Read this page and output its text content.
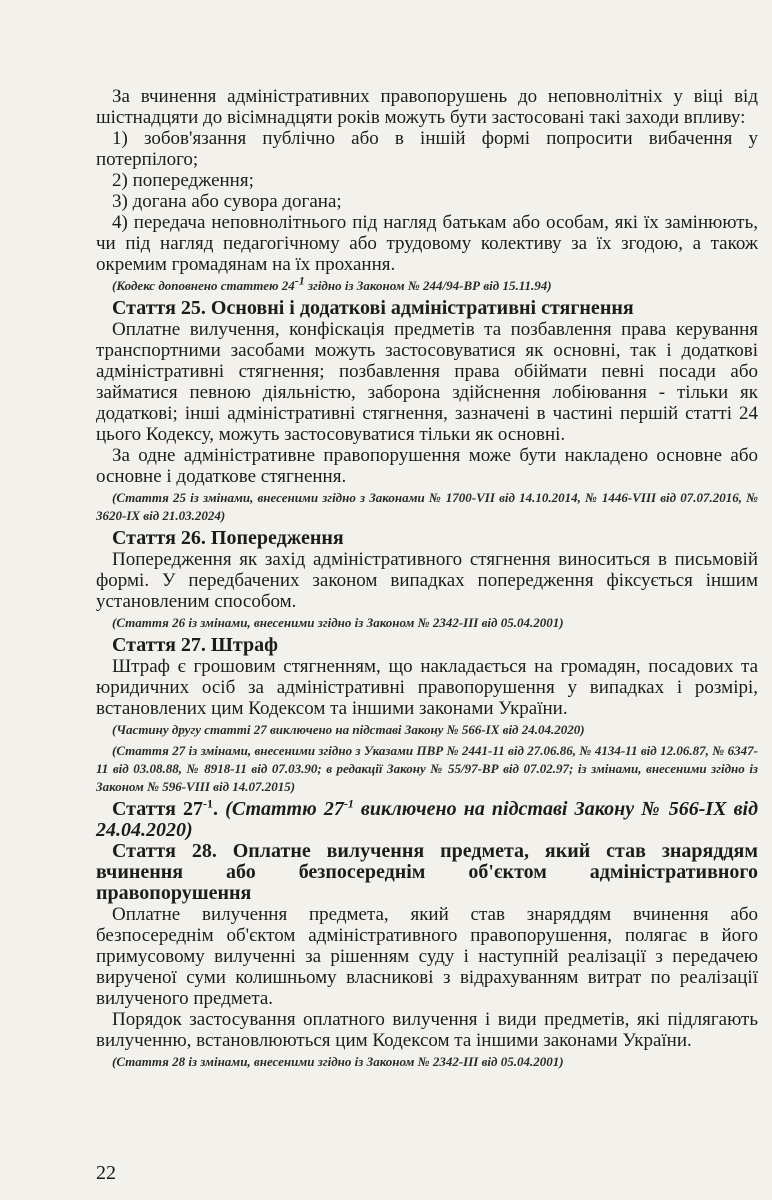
За вчинення адміністративних правопорушень до неповнолітніх у віці від шістнадцяти до вісімнадцяти років можуть бути застосовані такі заходи впливу:

1) зобов'язання публічно або в іншій формі попросити вибачення у потерпілого;

2) попередження;

3) догана або сувора догана;

4) передача неповнолітнього під нагляд батькам або особам, які їх замінюють, чи під нагляд педагогічному або трудовому колективу за їх згодою, а також окремим громадянам на їх прохання.

(Кодекс доповнено статтею $24^{-1}$ згідно із Законом № 244/94-ВР від 15.11.94)

Стаття 25. Основні і додаткові адміністративні стягнення

Оплатне вилучення, конфіскація предметів та позбавлення права керування транспортними засобами можуть застосовуватися як основні, так і додаткові адміністративні стягнення; позбавлення права обіймати певні посади або займатися певною діяльністю, заборона здійснення лобіювання - тільки як додаткові; інші адміністративні стягнення, зазначені в частині першій статті 24 цього Кодексу, можуть застосовуватися тільки як основні.

За одне адміністративне правопорушення може бути накладено основне або основне і додаткове стягнення.

(Стаття 25 із змінами, внесеними згідно з Законами № 1700-VII від 14.10.2014, № 1446-VIII від 07.07.2016, № 3620-IX від 21.03.2024)

Стаття 26. Попередження

Попередження як захід адміністративного стягнення виноситься в письмовій формі. У передбачених законом випадках попередження фіксується іншим установленим способом.

(Стаття 26 із змінами, внесеними згідно із Законом № 2342-III від 05.04.2001)

Стаття 27. Штраф

Штраф є грошовим стягненням, що накладається на громадян, посадових та юридичних осіб за адміністративні правопорушення у випадках і розмірі, встановлених цим Кодексом та іншими законами України.

(Частину другу статті 27 виключено на підставі Закону № 566-IX від 24.04.2020)

(Стаття 27 із змінами, внесеними згідно з Указами ПВР № 2441-11 від 27.06.86, № 4134-11 від 12.06.87, № 6347-11 від 03.08.88, № 8918-11 від 07.03.90; в редакції Закону № 55/97-ВР від 07.02.97; із змінами, внесеними згідно із Законом № 596-VIII від 14.07.2015)

Стаття $27^{-1}$. (Статтю $27^{-1}$ виключено на підставі Закону № 566-IX від 24.04.2020)

Стаття 28. Оплатне вилучення предмета, який став знаряддям вчинення або безпосереднім об'єктом адміністративного правопорушення

Оплатне вилучення предмета, який став знаряддям вчинення або безпосереднім об'єктом адміністративного правопорушення, полягає в його примусовому вилученні за рішенням суду і наступній реалізації з передачею вирученої суми колишньому власникові з відрахуванням витрат по реалізації вилученого предмета.

Порядок застосування оплатного вилучення і види предметів, які підлягають вилученню, встановлюються цим Кодексом та іншими законами України.

(Стаття 28 із змінами, внесеними згідно із Законом № 2342-III від 05.04.2001)

22
